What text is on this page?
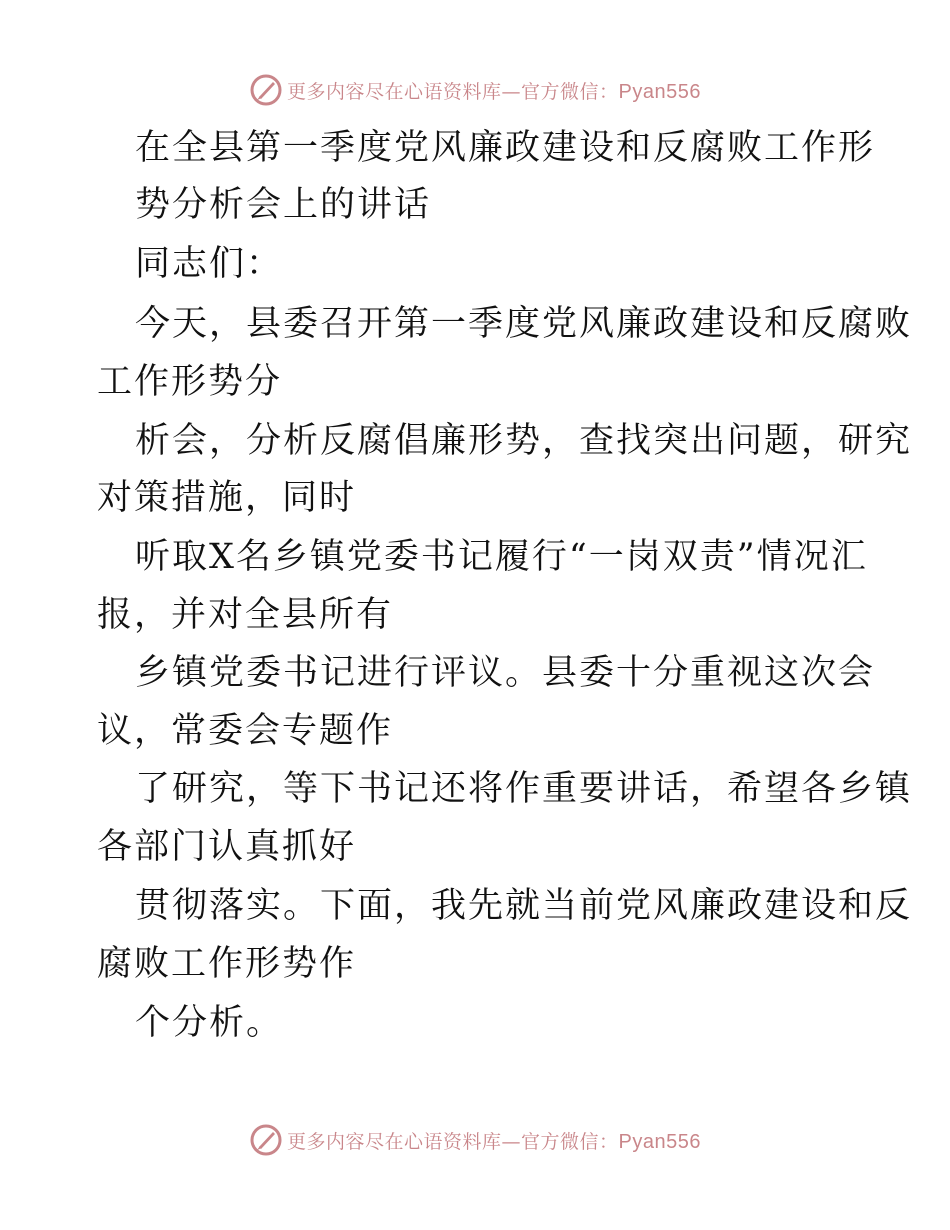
更多内容尽在心语资料库—官方微信：Pyan556
在全县第一季度党风廉政建设和反腐败工作形
势分析会上的讲话
同志们：
今天，县委召开第一季度党风廉政建设和反腐败
工作形势分
析会，分析反腐倡廉形势，查找突出问题，研究
对策措施，同时
听取X名乡镇党委书记履行“一岗双责”情况汇
报，并对全县所有
乡镇党委书记进行评议。县委十分重视这次会
议，常委会专题作
了研究，等下书记还将作重要讲话，希望各乡镇
各部门认真抓好
贯彻落实。下面，我先就当前党风廉政建设和反
腐败工作形势作
个分析。
更多内容尽在心语资料库—官方微信：Pyan556
